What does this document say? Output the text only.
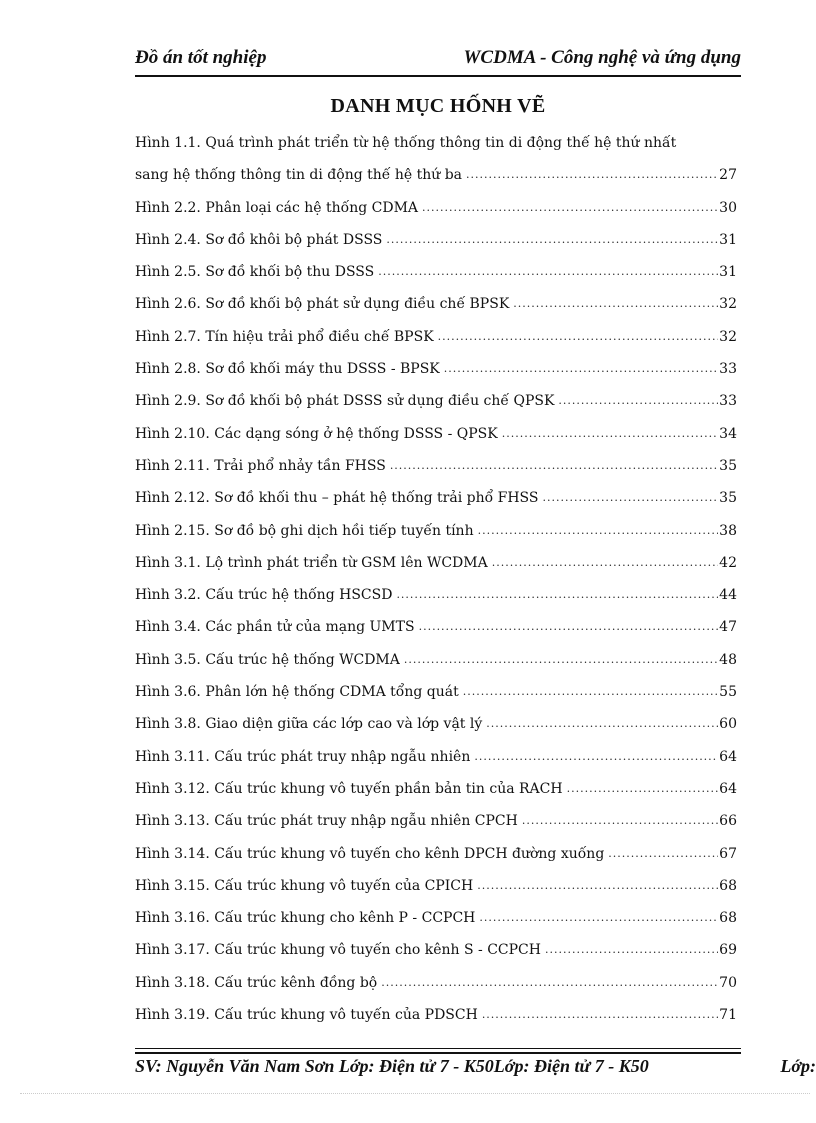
Đồ án tốt nghiệp	WCDMA - Công nghệ và ứng dụng
DANH MỤC HỐNH VẼ
Hình 1.1. Quá trình phát triển từ hệ thống thông tin di động thế hệ thứ nhất
sang hệ thống thông tin di động thế hệ thứ ba .....	27
Hình 2.2. Phân loại các hệ thống CDMA .....	30
Hình 2.4. Sơ đồ khôi bộ phát DSSS .....	31
Hình 2.5. Sơ đồ khối bộ thu DSSS .....	31
Hình 2.6. Sơ đồ khối bộ phát sử dụng điều chế BPSK .....	32
Hình 2.7. Tín hiệu trải phổ điều chế BPSK .....	32
Hình 2.8. Sơ đồ khối máy thu DSSS - BPSK .....	33
Hình 2.9. Sơ đồ khối bộ phát DSSS sử dụng điều chế QPSK .....	33
Hình 2.10. Các dạng sóng ở hệ thống DSSS - QPSK .....	34
Hình 2.11. Trải phổ nhảy tần FHSS .....	35
Hình 2.12. Sơ đồ khối thu – phát hệ thống trải phổ FHSS .....	35
Hình 2.15. Sơ đồ bộ ghi dịch hồi tiếp tuyến tính .....	38
Hình 3.1. Lộ trình phát triển từ GSM lên WCDMA .....	42
Hình 3.2. Cấu trúc hệ thống HSCSD .....	44
Hình 3.4. Các phần tử của mạng UMTS .....	47
Hình 3.5. Cấu trúc hệ thống WCDMA .....	48
Hình 3.6. Phân lớn hệ thống CDMA tổng quát .....	55
Hình 3.8. Giao diện giữa các lớp cao và lớp vật lý .....	60
Hình 3.11. Cấu trúc phát truy nhập ngẫu nhiên .....	64
Hình 3.12. Cấu trúc khung vô tuyến phần bản tin của RACH .....	64
Hình 3.13. Cấu trúc phát truy nhập ngẫu nhiên CPCH .....	66
Hình 3.14. Cấu trúc khung vô tuyến cho kênh DPCH đường xuống .....	67
Hình 3.15. Cấu trúc khung vô tuyến của CPICH .....	68
Hình 3.16. Cấu trúc khung cho kênh P - CCPCH .....	68
Hình 3.17. Cấu trúc khung vô tuyến cho kênh S - CCPCH .....	69
Hình 3.18. Cấu trúc kênh đồng bộ .....	70
Hình 3.19. Cấu trúc khung vô tuyến của PDSCH .....	71
SV: Nguyễn Văn Nam Sơn Lớp: Điện tử 7 - K50Lớp: Điện tử 7 - K50	Lớp:
